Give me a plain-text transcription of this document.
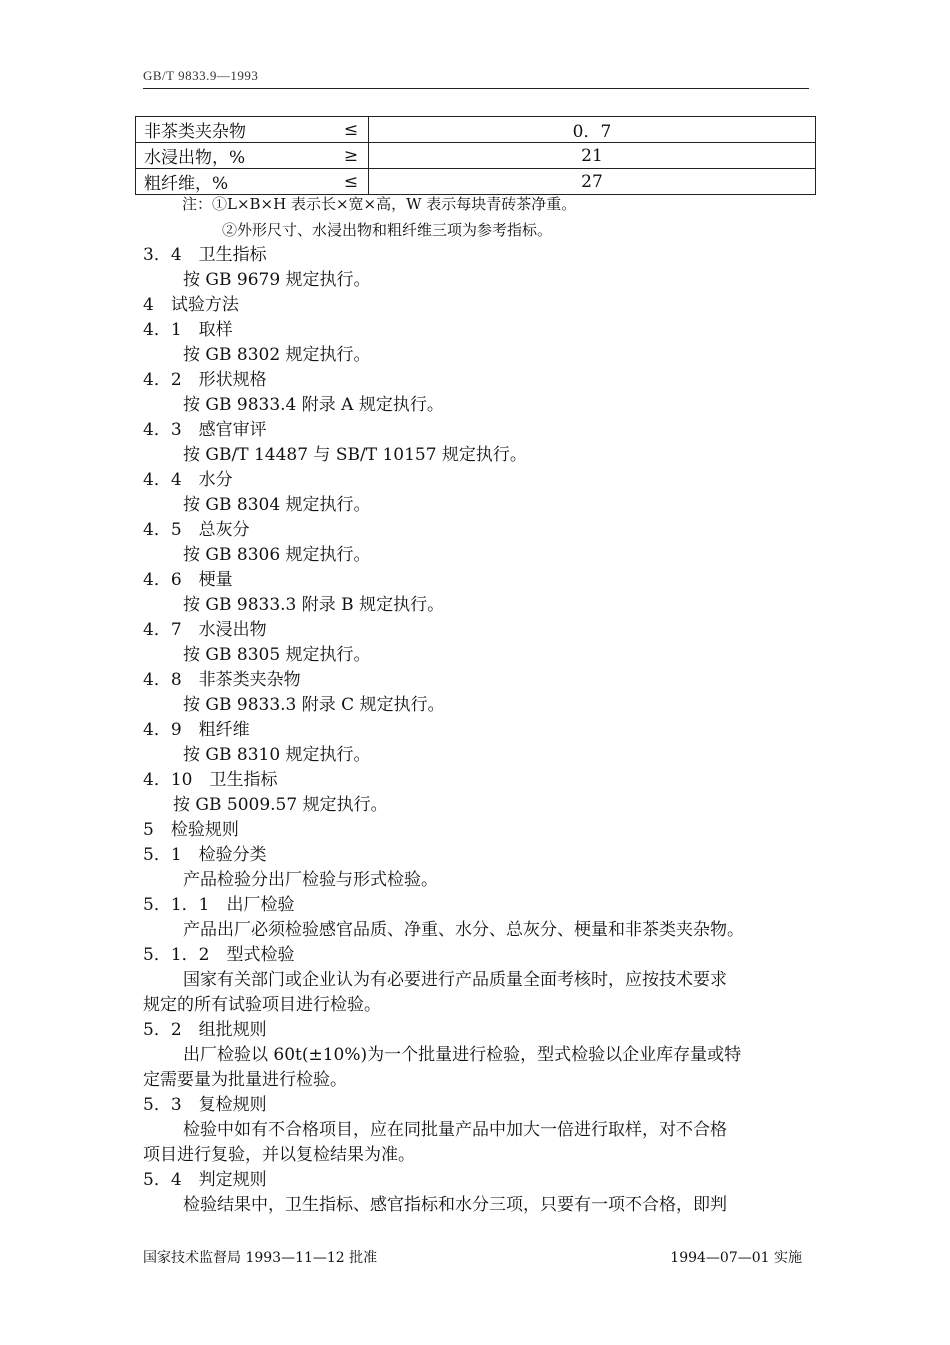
GB/T 9833.9—1993
非茶类夹杂物	≤	0．7
水浸出物，%	≥	21
粗纤维，%	≤	27
注：①L×B×H 表示长×宽×高，W 表示每块青砖茶净重。
②外形尺寸、水浸出物和粗纤维三项为参考指标。
3．4　卫生指标
按 GB 9679 规定执行。
4　试验方法
4．1　取样
按 GB 8302 规定执行。
4．2　形状规格
按 GB 9833.4 附录 A 规定执行。
4．3　感官审评
按 GB/T 14487 与 SB/T 10157 规定执行。
4．4　水分
按 GB 8304 规定执行。
4．5　总灰分
按 GB 8306 规定执行。
4．6　梗量
按 GB 9833.3 附录 B 规定执行。
4．7　水浸出物
按 GB 8305 规定执行。
4．8　非茶类夹杂物
按 GB 9833.3 附录 C 规定执行。
4．9　粗纤维
按 GB 8310 规定执行。
4．10　卫生指标
按 GB 5009.57 规定执行。
5　检验规则
5．1　检验分类
产品检验分出厂检验与形式检验。
5．1．1　出厂检验
产品出厂必须检验感官品质、净重、水分、总灰分、梗量和非茶类夹杂物。
5．1．2　型式检验
国家有关部门或企业认为有必要进行产品质量全面考核时，应按技术要求
规定的所有试验项目进行检验。
5．2　组批规则
出厂检验以 60t(±10%)为一个批量进行检验，型式检验以企业库存量或特
定需要量为批量进行检验。
5．3　复检规则
检验中如有不合格项目，应在同批量产品中加大一倍进行取样，对不合格
项目进行复验，并以复检结果为准。
5．4　判定规则
检验结果中，卫生指标、感官指标和水分三项，只要有一项不合格，即判
国家技术监督局 1993—11—12 批准	1994—07—01 实施
